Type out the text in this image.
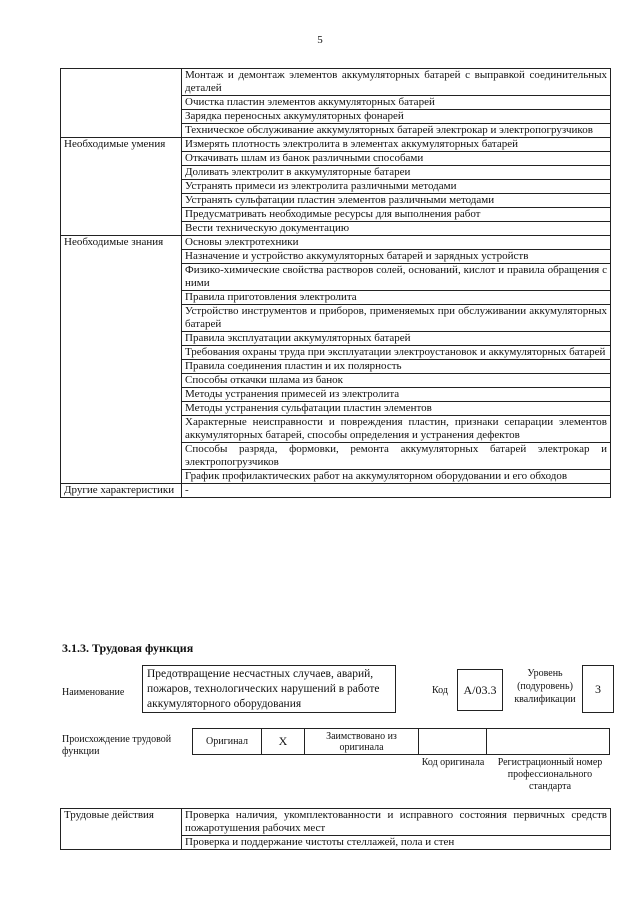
5
	Монтаж и демонтаж элементов аккумуляторных батарей с выправкой соединительных деталей
	Очистка пластин элементов аккумуляторных батарей
	Зарядка переносных аккумуляторных фонарей
	Техническое обслуживание аккумуляторных батарей электрокар и электропогрузчиков
Необходимые умения	Измерять плотность электролита в элементах аккумуляторных батарей
	Откачивать шлам из банок различными способами
	Доливать электролит в аккумуляторные батареи
	Устранять примеси из электролита различными методами
	Устранять сульфатации пластин элементов различными методами
	Предусматривать необходимые ресурсы для выполнения работ
	Вести техническую документацию
Необходимые знания	Основы электротехники
	Назначение и устройство аккумуляторных батарей и зарядных устройств
	Физико-химические свойства растворов солей, оснований, кислот и правила обращения с ними
	Правила приготовления электролита
	Устройство инструментов и приборов, применяемых при обслуживании аккумуляторных батарей
	Правила эксплуатации аккумуляторных батарей
	Требования охраны труда при эксплуатации электроустановок и аккумуляторных батарей
	Правила соединения пластин и их полярность
	Способы откачки шлама из банок
	Методы устранения примесей из электролита
	Методы устранения сульфатации пластин элементов
	Характерные неисправности и повреждения пластин, признаки сепарации элементов аккумуляторных батарей, способы определения и устранения дефектов
	Способы разряда, формовки, ремонта аккумуляторных батарей электрокар и электропогрузчиков
	График профилактических работ на аккумуляторном оборудовании и его обходов
Другие характеристики	-
3.1.3. Трудовая функция
Наименование
Предотвращение несчастных случаев, аварий, пожаров, технологических нарушений в работе аккумуляторного оборудования
Код	А/03.3
Уровень (подуровень) квалификации
3
Происхождение трудовой функции
Оригинал	X	Заимствовано из оригинала
Код оригинала	Регистрационный номер профессионального стандарта
Трудовые действия	Проверка наличия, укомплектованности и исправного состояния первичных средств пожаротушения рабочих мест
Проверка и поддержание чистоты стеллажей, пола и стен
